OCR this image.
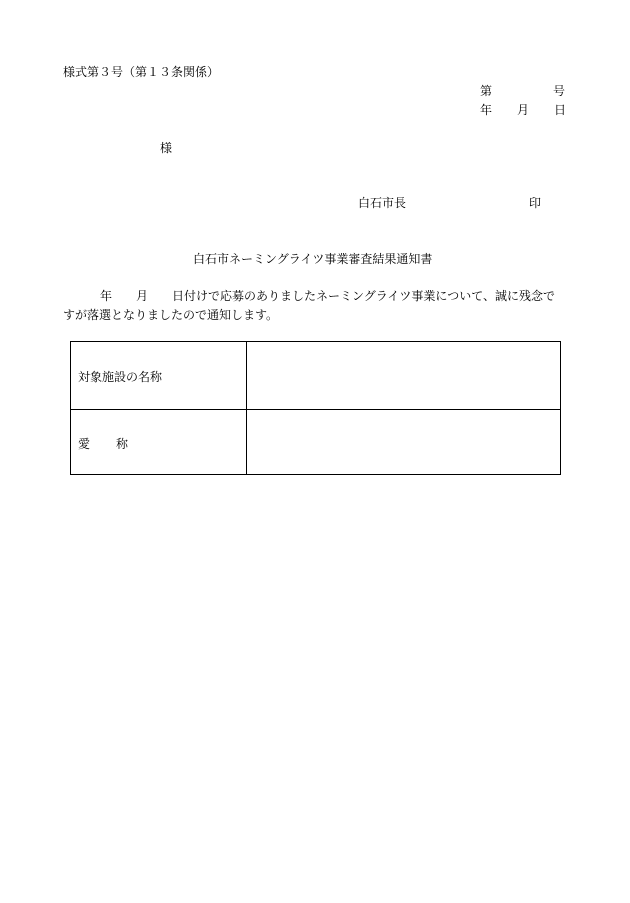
様式第３号（第１３条関係）
第	号
年 月 日
様
白石市長	印
白石市ネーミングライツ事業審査結果通知書
年 月 日付けで応募のありましたネーミングライツ事業について、誠に残念で
すが落選となりましたので通知します。
対象施設の名称
愛 称
